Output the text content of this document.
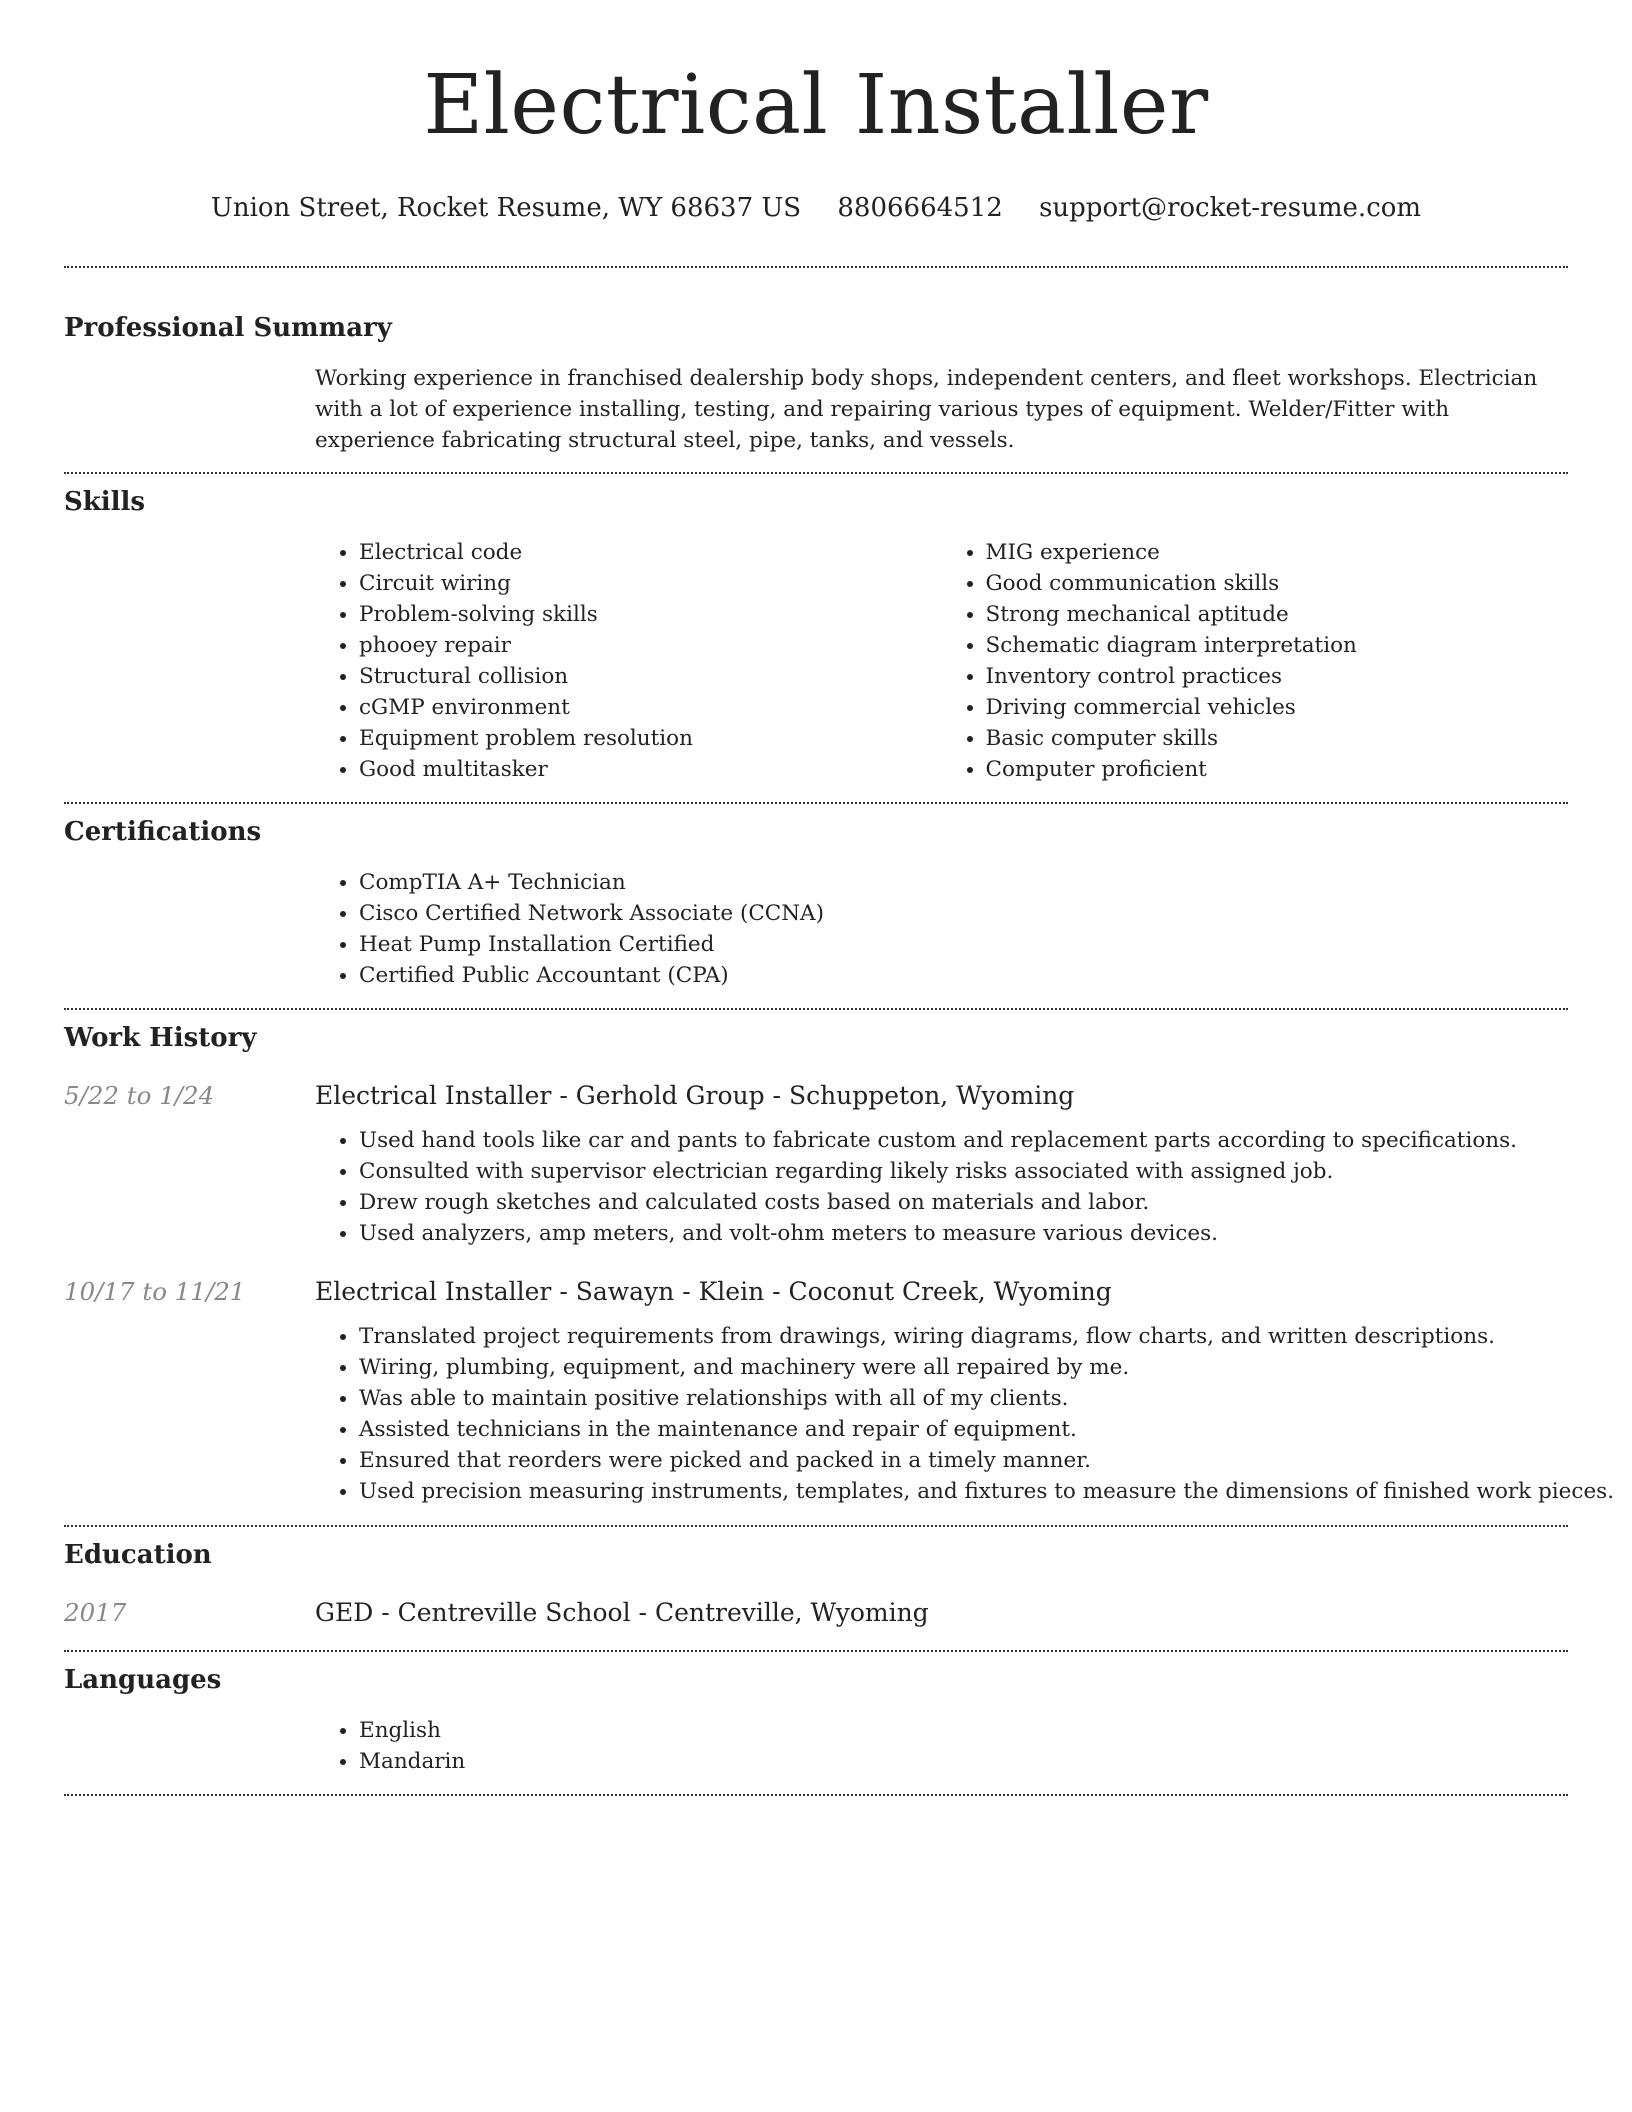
Electrical Installer
Union Street, Rocket Resume, WY 68637 US 8806664512 support@rocket-resume.com
Professional Summary
Working experience in franchised dealership body shops, independent centers, and fleet workshops. Electrician with a lot of experience installing, testing, and repairing various types of equipment. Welder/Fitter with experience fabricating structural steel, pipe, tanks, and vessels.
Skills
• Electrical code
• Circuit wiring
• Problem-solving skills
• phooey repair
• Structural collision
• cGMP environment
• Equipment problem resolution
• Good multitasker
• MIG experience
• Good communication skills
• Strong mechanical aptitude
• Schematic diagram interpretation
• Inventory control practices
• Driving commercial vehicles
• Basic computer skills
• Computer proficient
Certifications
• CompTIA A+ Technician
• Cisco Certified Network Associate (CCNA)
• Heat Pump Installation Certified
• Certified Public Accountant (CPA)
Work History
5/22 to 1/24	Electrical Installer - Gerhold Group - Schuppeton, Wyoming
• Used hand tools like car and pants to fabricate custom and replacement parts according to specifications.
• Consulted with supervisor electrician regarding likely risks associated with assigned job.
• Drew rough sketches and calculated costs based on materials and labor.
• Used analyzers, amp meters, and volt-ohm meters to measure various devices.
10/17 to 11/21	Electrical Installer - Sawayn - Klein - Coconut Creek, Wyoming
• Translated project requirements from drawings, wiring diagrams, flow charts, and written descriptions.
• Wiring, plumbing, equipment, and machinery were all repaired by me.
• Was able to maintain positive relationships with all of my clients.
• Assisted technicians in the maintenance and repair of equipment.
• Ensured that reorders were picked and packed in a timely manner.
• Used precision measuring instruments, templates, and fixtures to measure the dimensions of finished work pieces.
Education
2017	GED - Centreville School - Centreville, Wyoming
Languages
• English
• Mandarin
